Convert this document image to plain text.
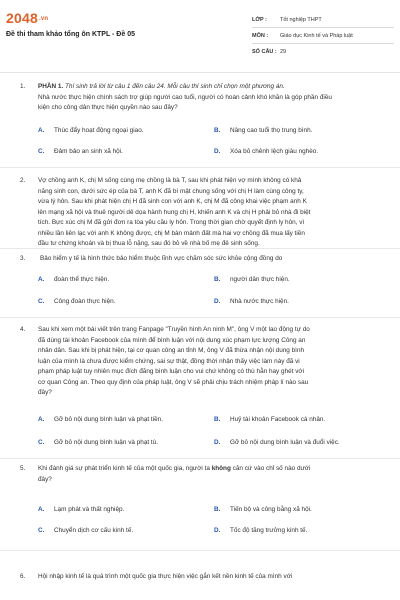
2048.vn
Đề thi tham khảo tổng ôn KTPL - Đề 05
LỚP :	Tốt nghiệp THPT
MÔN :	Giáo dục Kinh tế và Pháp luật
SỐ CÂU : 29
1. PHẦN 1. Thí sinh trả lời từ câu 1 đến câu 24. Mỗi câu thí sinh chỉ chọn một phương án.
Nhà nước thực hiện chính sách trợ giúp người cao tuổi, người có hoàn cảnh khó khăn là góp phần điều
kiện cho công dân thực hiện quyền nào sau đây?
A.	Thúc đẩy hoạt động ngoại giao.	B.	Nâng cao tuổi thọ trung bình.
C.	Đảm bảo an sinh xã hội.	D.	Xóa bỏ chênh lệch giàu nghèo.
2. Vợ chồng anh K, chị M sống cùng mẹ chồng là bà T, sau khi phát hiện vợ mình không có khả
năng sinh con, dưới sức ép của bà T, anh K đã bí mật chung sống với chị H làm cùng công ty,
vừa lý hôn. Sau khi phát hiện chị H đã sinh con với anh K, chị M đã công khai việc phạm anh K
lên mạng xã hội và thuê người dê dọa hành hung chị H, khiến anh K và chị H phải bỏ nhà đi biệt
tích. Bực xúc chị M đã gửi đơn ra tòa yêu cầu ly hôn. Trong thời gian chờ quyết định ly hôn, vì
nhiều lần liên lạc với anh K không được, chị M bàn mảnh đất mà hai vợ chồng đã mua lấy tiền
đầu tư chứng khoán và bị thua lỗ nặng, sau đó bỏ về nhà bố mẹ đẻ sinh sống.
3. Bảo hiểm y tế là hình thức bảo hiểm thuộc lĩnh vực chăm sóc sức khỏe cộng đồng do
A.	đoàn thể thực hiện.	B.	người dân thực hiện.
C.	Công đoàn thực hiện.	D.	Nhà nước thực hiện.
4. Sau khi xem một bài viết trên trang Fanpage "Truyền hình An ninh M", ông V một lao động tự do
đã dùng tài khoản Facebook của mình để bình luận với nội dung xúc phạm lực lượng Công an
nhân dân. Sau khi bị phát hiện, tại cơ quan công an tỉnh M, ông V đã thừa nhận nội dung bình
luận của mình là chưa được kiểm chứng, sai sự thật, đồng thời nhận thấy việc làm này đã vi
phạm pháp luật tuy nhiên mục đích đăng bình luận cho vui chứ không có thù hằn hay ghét với
cơ quan Công an. Theo quy định của pháp luật, ông V sẽ phải chịu trách nhiệm pháp lí nào sau
đây?
A.	Gỡ bỏ nội dung bình luận và phạt tiền.	B.	Huỷ tài khoản Facebook cá nhân.
C.	Gỡ bỏ nội dung bình luận và phạt tù.	D.	Gỡ bỏ nội dung bình luận và đuổi việc.
5. Khi đánh giá sự phát triển kinh tế của một quốc gia, người ta không căn cứ vào chỉ số nào dưới
đây?
A.	Lạm phát và thất nghiệp.	B.	Tiến bộ và công bằng xã hội.
C.	Chuyển dịch cơ cấu kinh tế.	D.	Tốc độ tăng trưởng kinh tế.
6. Hội nhập kinh tế là quá trình một quốc gia thực hiện việc gắn kết nền kinh tế của mình với
